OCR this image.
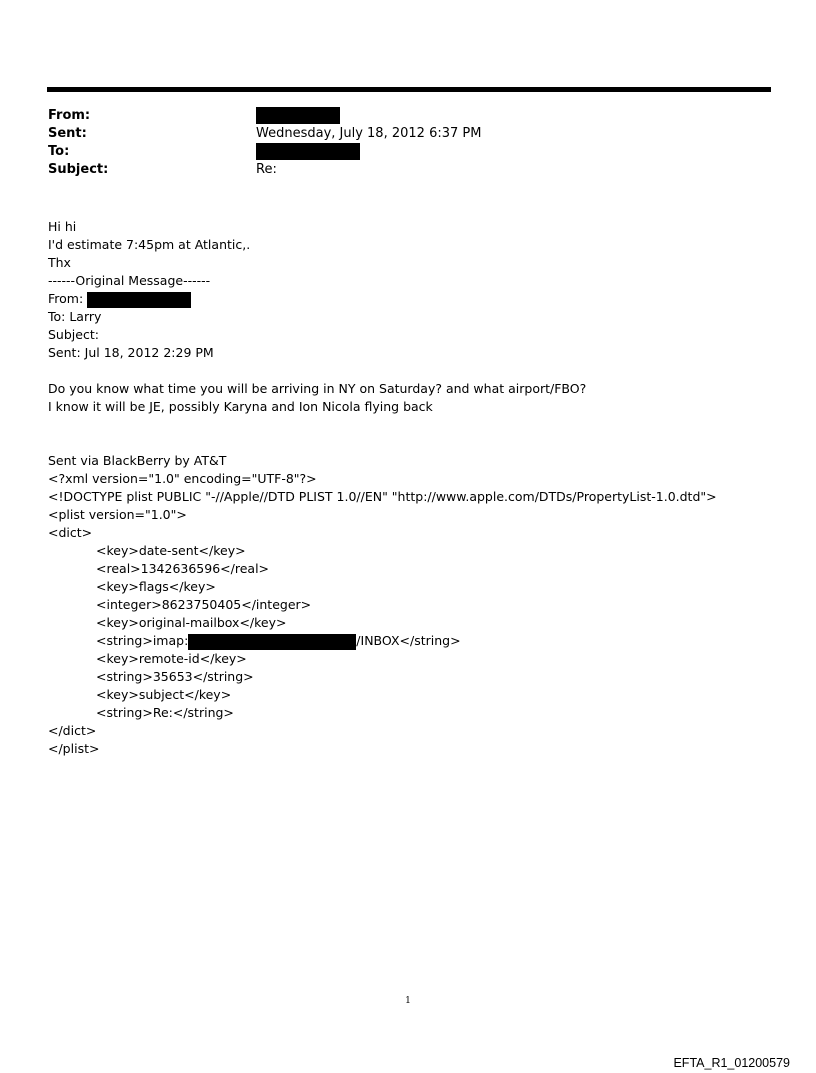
From:
Sent:	Wednesday, July 18, 2012 6:37 PM
To:
Subject:	Re:
Hi hi
I'd estimate 7:45pm at Atlantic,.
Thx
------Original Message------
From:
To: Larry
Subject:
Sent: Jul 18, 2012 2:29 PM
Do you know what time you will be arriving in NY on Saturday? and what airport/FBO?
I know it will be JE, possibly Karyna and Ion Nicola flying back
Sent via BlackBerry by AT&T
<?xml version="1.0" encoding="UTF-8"?>
<!DOCTYPE plist PUBLIC "-//Apple//DTD PLIST 1.0//EN" "http://www.apple.com/DTDs/PropertyList-1.0.dtd">
<plist version="1.0">
<dict>
<key>date-sent</key>
<real>1342636596</real>
<key>flags</key>
<integer>8623750405</integer>
<key>original-mailbox</key>
<string>imap:	/INBOX</string>
<key>remote-id</key>
<string>35653</string>
<key>subject</key>
<string>Re:</string>
</dict>
</plist>
1
EFTA_R1_01200579
